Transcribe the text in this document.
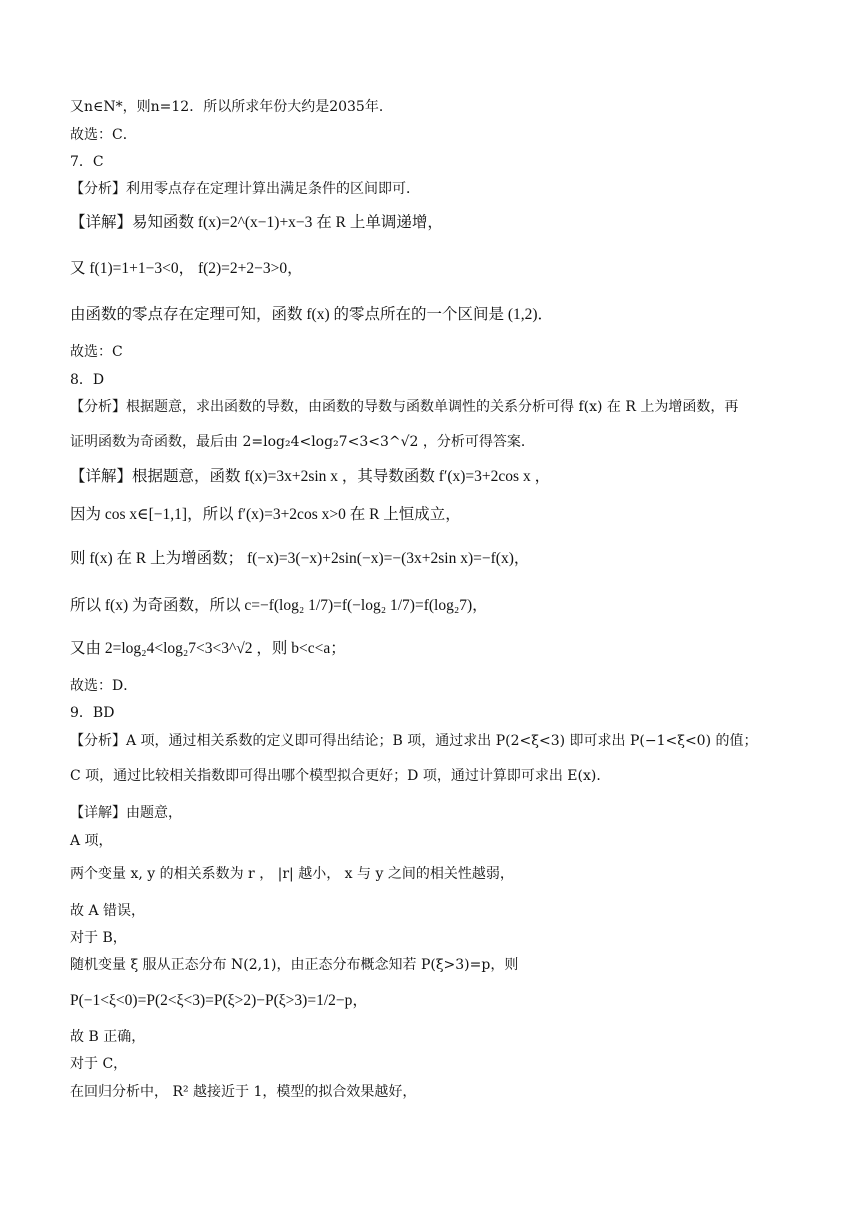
又n∈N*，则n=12．所以所求年份大约是2035年．
故选：C．
7．C
【分析】利用零点存在定理计算出满足条件的区间即可．
【详解】易知函数 f(x)=2^(x−1)+x−3 在 R 上单调递增，
又 f(1)=1+1−3<0， f(2)=2+2−3>0，
由函数的零点存在定理可知，函数 f(x) 的零点所在的一个区间是 (1,2)．
故选：C
8．D
【分析】根据题意，求出函数的导数，由函数的导数与函数单调性的关系分析可得 f(x) 在 R 上为增函数，再
证明函数为奇函数，最后由 2=log₂4<log₂7<3<3^√2 ，分析可得答案．
【详解】根据题意，函数 f(x)=3x+2sin x ，其导数函数 f′(x)=3+2cos x ，
因为 cos x∈[−1,1]，所以 f′(x)=3+2cos x>0 在 R 上恒成立，
则 f(x) 在 R 上为增函数； f(−x)=3(−x)+2sin(−x)=−(3x+2sin x)=−f(x)，
所以 f(x) 为奇函数，所以 c=−f(log₂ 1/7)=f(−log₂ 1/7)=f(log₂7)，
又由 2=log₂4<log₂7<3<3^√2 ，则 b<c<a；
故选：D．
9．BD
【分析】A 项，通过相关系数的定义即可得出结论；B 项，通过求出 P(2<ξ<3) 即可求出 P(−1<ξ<0) 的值；
C 项，通过比较相关指数即可得出哪个模型拟合更好；D 项，通过计算即可求出 E(x)．
【详解】由题意，
A 项，
两个变量 x, y 的相关系数为 r ， |r| 越小， x 与 y 之间的相关性越弱，
故 A 错误，
对于 B，
随机变量 ξ 服从正态分布 N(2,1)，由正态分布概念知若 P(ξ>3)=p，则
P(−1<ξ<0)=P(2<ξ<3)=P(ξ>2)−P(ξ>3)=1/2−p，
故 B 正确，
对于 C，
在回归分析中， R² 越接近于 1，模型的拟合效果越好，
